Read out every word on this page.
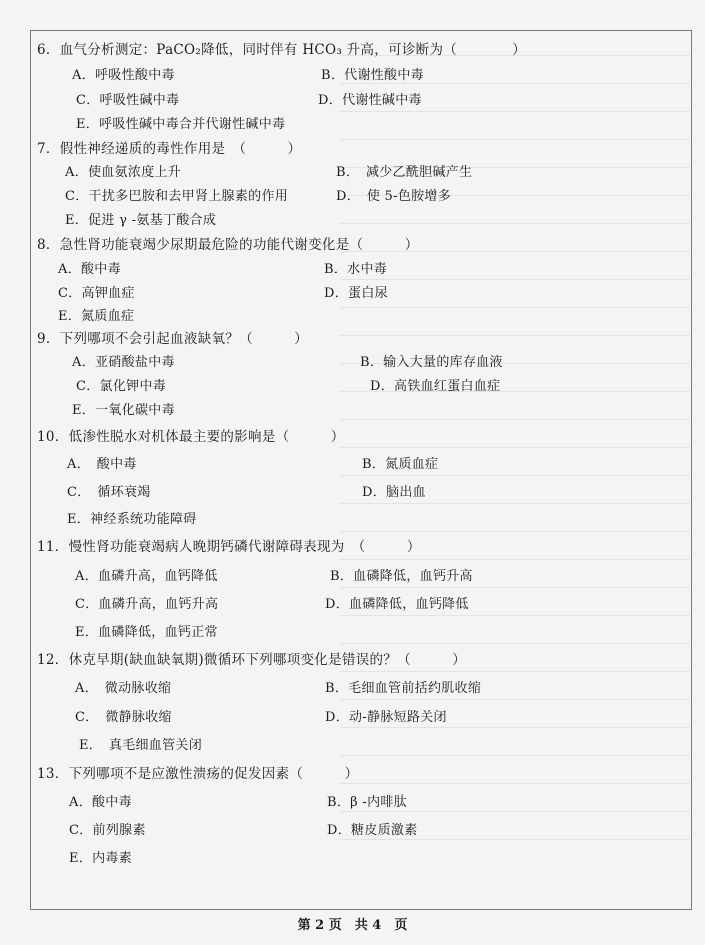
6．血气分析测定：PaCO₂降低，同时伴有 HCO₃ 升高，可诊断为（　　　　）
A．呼吸性酸中毒	B．代谢性酸中毒
C．呼吸性碱中毒	D．代谢性碱中毒
E．呼吸性碱中毒合并代谢性碱中毒
7．假性神经递质的毒性作用是　（　　　）
A．使血氨浓度上升	B．　减少乙酰胆碱产生
C．干扰多巴胺和去甲肾上腺素的作用	D．　使 5-色胺增多
E．促进 γ -氨基丁酸合成
8．急性肾功能衰竭少尿期最危险的功能代谢变化是（　　　）
A．酸中毒	B．水中毒
C．高钾血症	D．蛋白尿
E．氮质血症
9．下列哪项不会引起血液缺氧？（　　　）
A．亚硝酸盐中毒	B．输入大量的库存血液
C．氯化钾中毒	D．高铁血红蛋白血症
E．一氧化碳中毒
10．低渗性脱水对机体最主要的影响是（　　　）
A．　酸中毒	B．氮质血症
C．　循环衰竭	D．脑出血
E．神经系统功能障碍
11．慢性肾功能衰竭病人晚期钙磷代谢障碍表现为　（　　　）
A．血磷升高，血钙降低	B．血磷降低，血钙升高
C．血磷升高，血钙升高	D．血磷降低，血钙降低
E．血磷降低，血钙正常
12．休克早期(缺血缺氧期)微循环下列哪项变化是错误的？（　　　）
A．　微动脉收缩	B．毛细血管前括约肌收缩
C．　微静脉收缩	D．动-静脉短路关闭
E．　真毛细血管关闭
13．下列哪项不是应激性溃疡的促发因素（　　　）
A．酸中毒	B．β -内啡肽
C．前列腺素	D．糖皮质激素
E．内毒素
第 2 页　共 4　页
